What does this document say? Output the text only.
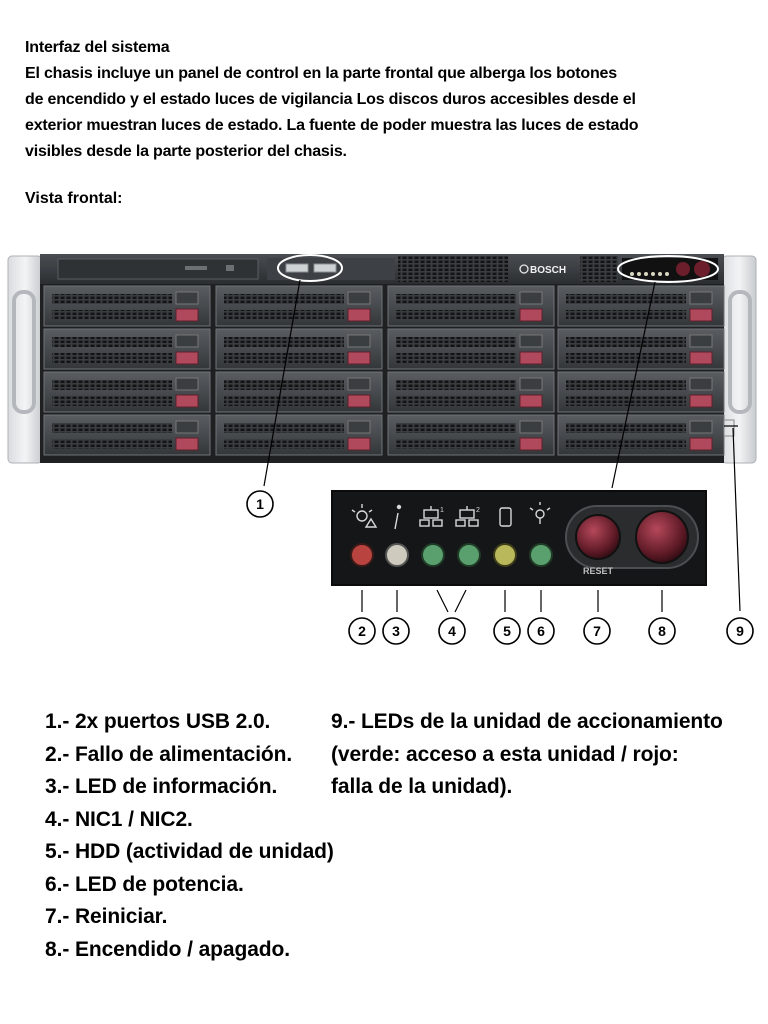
Interfaz del sistema
El chasis incluye un panel de control en la parte frontal que alberga los botones
de encendido y el estado luces de vigilancia Los discos duros accesibles desde el
exterior muestran luces de estado. La fuente de poder muestra las luces de estado
visibles desde la parte posterior del chasis.
Vista frontal:
BOSCH
1	2
1
RESET
2 3	4	5 6	7	8	9
1.- 2x puertos USB 2.0.
2.- Fallo de alimentación.
3.- LED de información.
4.- NIC1 / NIC2.
5.- HDD (actividad de unidad)
6.- LED de potencia.
7.- Reiniciar.
8.- Encendido / apagado.
9.- LEDs de la unidad de accionamiento
(verde: acceso a esta unidad / rojo:
falla de la unidad).
